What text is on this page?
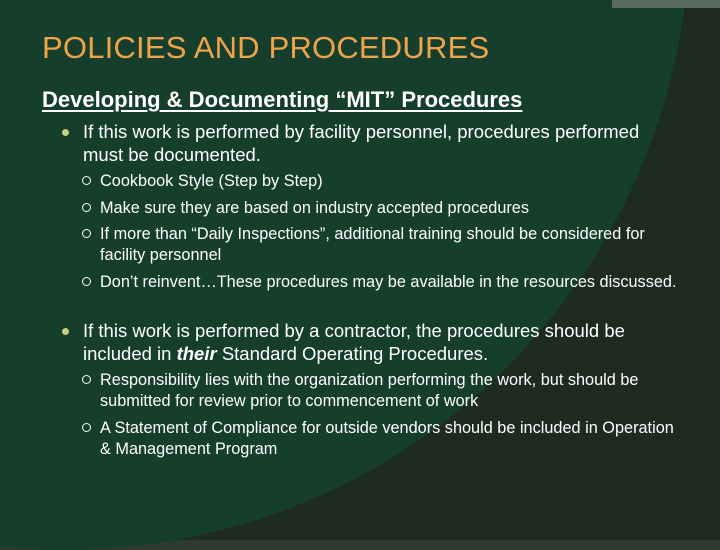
POLICIES AND PROCEDURES
Developing & Documenting “MIT” Procedures
If this work is performed by facility personnel, procedures performed must be documented.
Cookbook Style (Step by Step)
Make sure they are based on industry accepted procedures
If more than “Daily Inspections”, additional training should be considered for facility personnel
Don’t reinvent…These procedures may be available in the resources discussed.
If this work is performed by a contractor, the procedures should be included in their Standard Operating Procedures.
Responsibility lies with the organization performing the work, but should be submitted for review prior to commencement of work
A Statement of Compliance for outside vendors should be included in Operation & Management Program
